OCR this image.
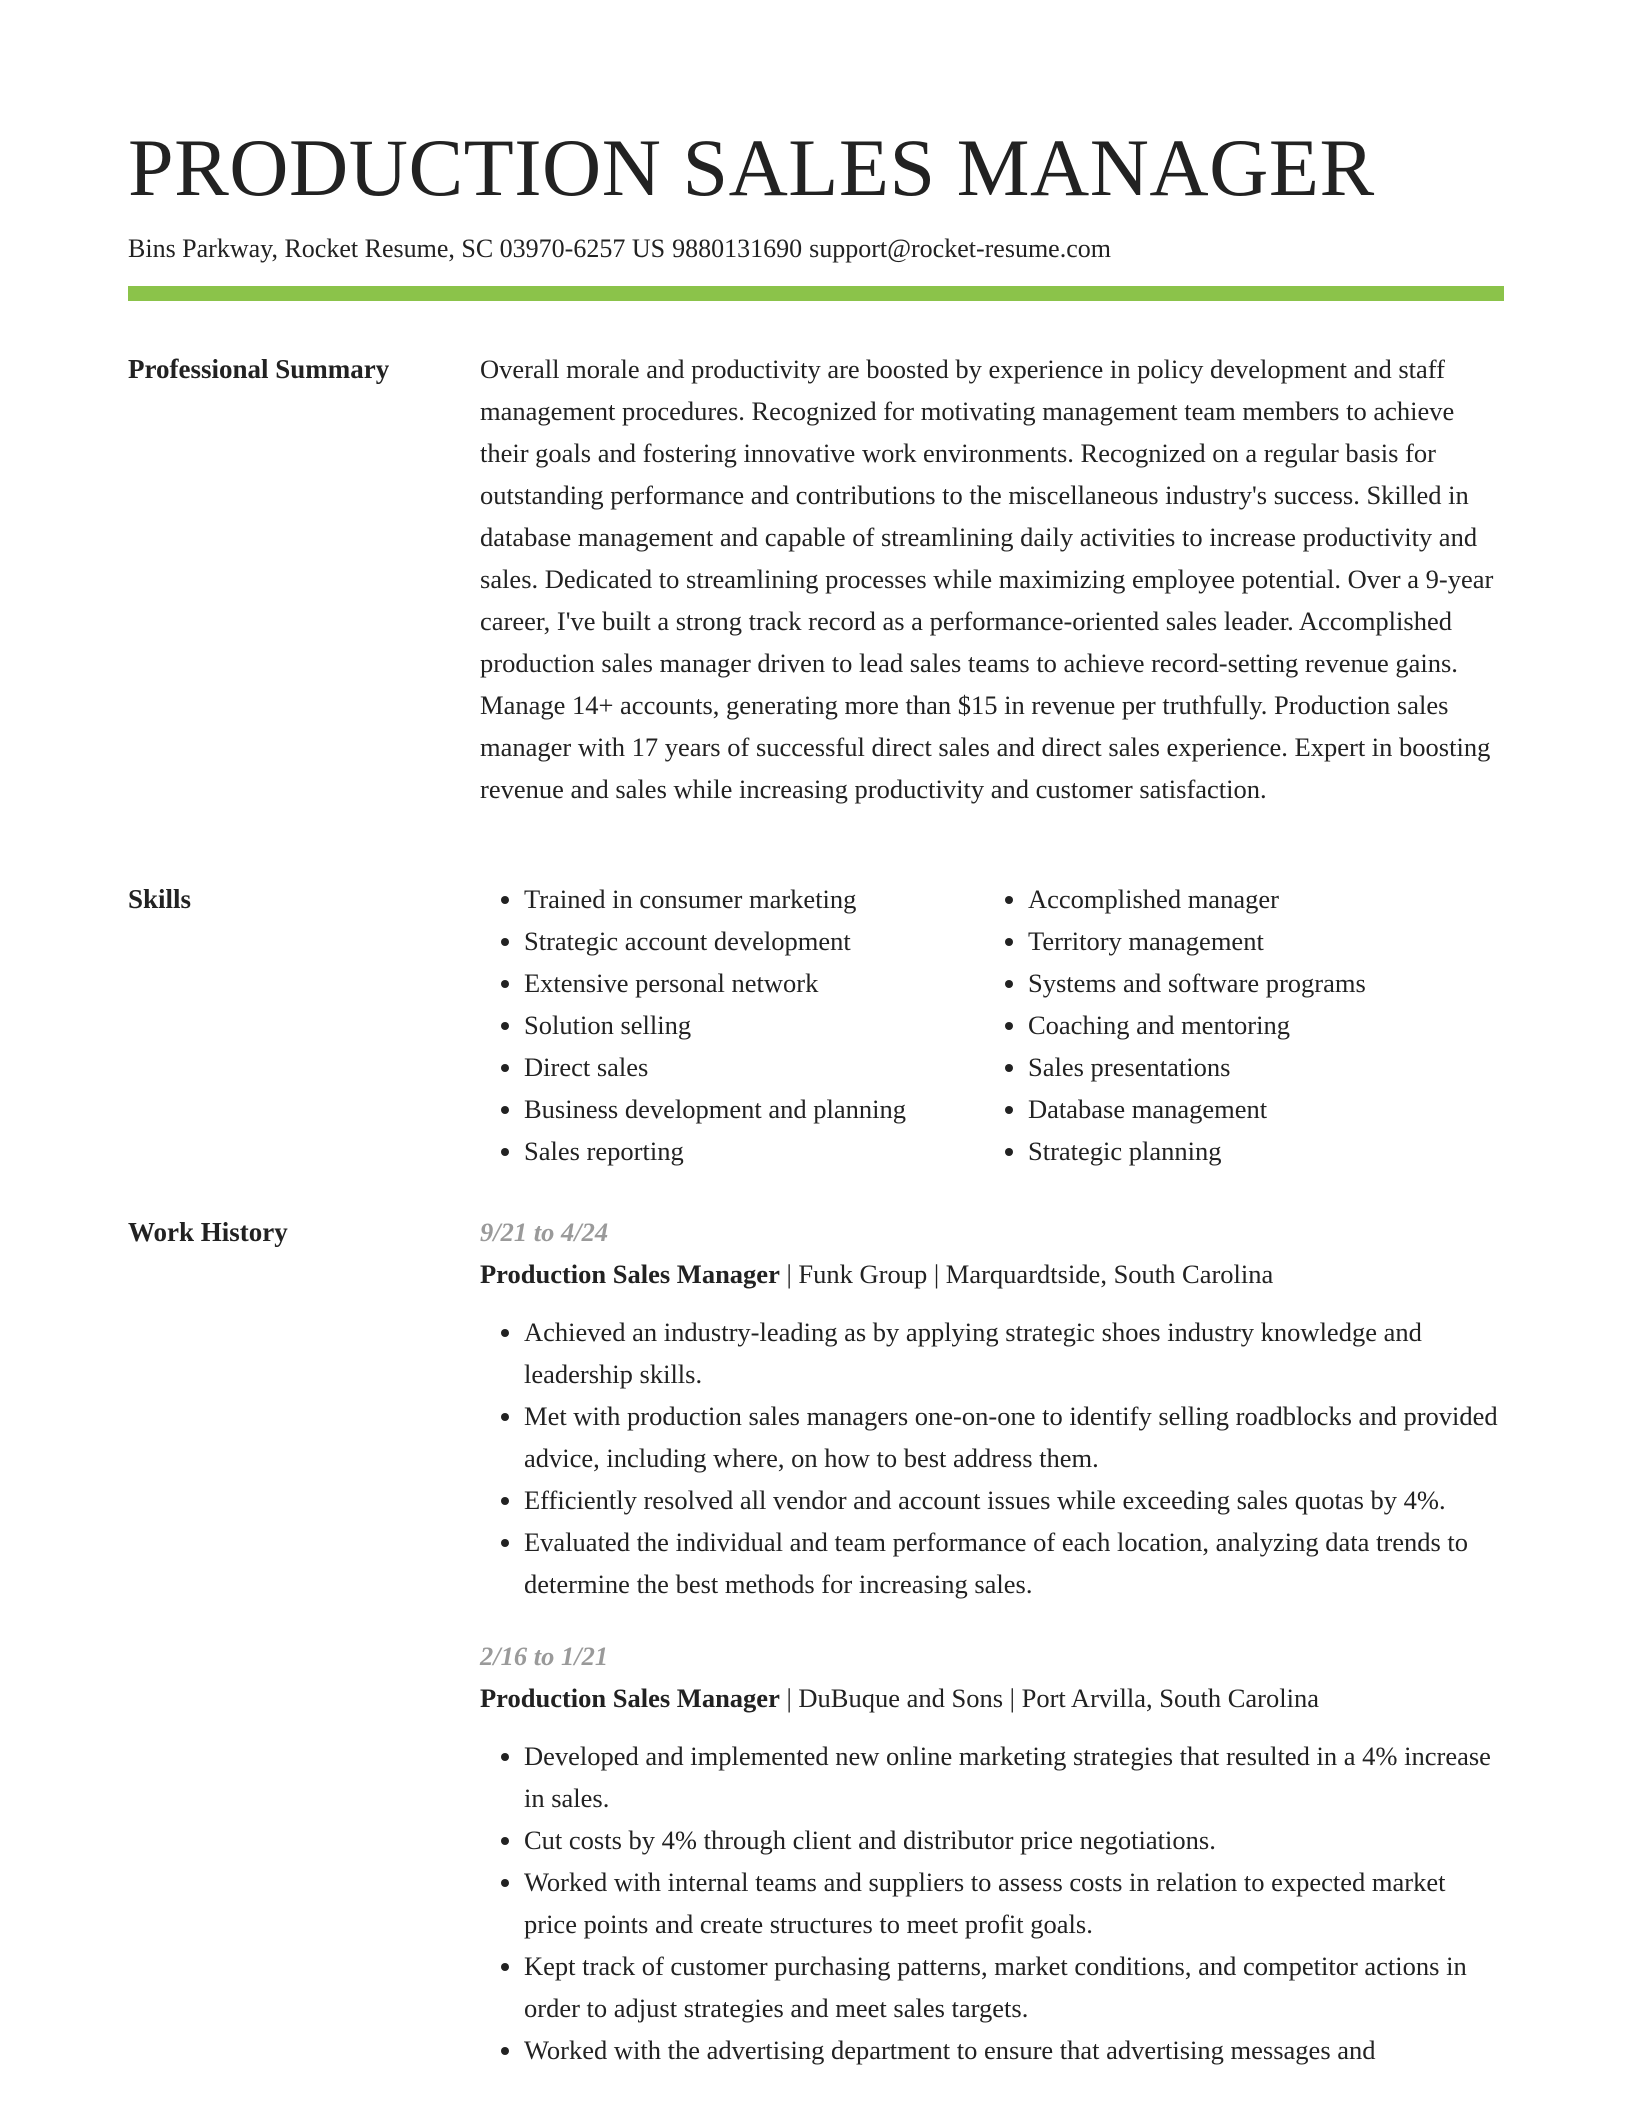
PRODUCTION SALES MANAGER
Bins Parkway, Rocket Resume, SC 03970-6257 US 9880131690 support@rocket-resume.com
Professional Summary	Overall morale and productivity are boosted by experience in policy development and staff management procedures. Recognized for motivating management team members to achieve their goals and fostering innovative work environments. Recognized on a regular basis for outstanding performance and contributions to the miscellaneous industry's success. Skilled in database management and capable of streamlining daily activities to increase productivity and sales. Dedicated to streamlining processes while maximizing employee potential. Over a 9-year career, I've built a strong track record as a performance-oriented sales leader. Accomplished production sales manager driven to lead sales teams to achieve record-setting revenue gains. Manage 14+ accounts, generating more than $15 in revenue per truthfully. Production sales manager with 17 years of successful direct sales and direct sales experience. Expert in boosting revenue and sales while increasing productivity and customer satisfaction.

Skills
•	Trained in consumer marketing
• Strategic account development
• Extensive personal network
• Solution selling
• Direct sales
• Business development and planning
• Sales reporting
• Accomplished manager
• Territory management
• Systems and software programs
• Coaching and mentoring
• Sales presentations
• Database management
• Strategic planning
Work History	9/21 to 4/24
Production Sales Manager | Funk Group | Marquardtside, South Carolina
• Achieved an industry-leading as by applying strategic shoes industry knowledge and leadership skills.
• Met with production sales managers one-on-one to identify selling roadblocks and provided advice, including where, on how to best address them.
• Efficiently resolved all vendor and account issues while exceeding sales quotas by 4%.
• Evaluated the individual and team performance of each location, analyzing data trends to determine the best methods for increasing sales.
2/16 to 1/21
Production Sales Manager | DuBuque and Sons | Port Arvilla, South Carolina
• Developed and implemented new online marketing strategies that resulted in a 4% increase in sales.
• Cut costs by 4% through client and distributor price negotiations.
• Worked with internal teams and suppliers to assess costs in relation to expected market price points and create structures to meet profit goals.
• Kept track of customer purchasing patterns, market conditions, and competitor actions in order to adjust strategies and meet sales targets.
• Worked with the advertising department to ensure that advertising messages and
